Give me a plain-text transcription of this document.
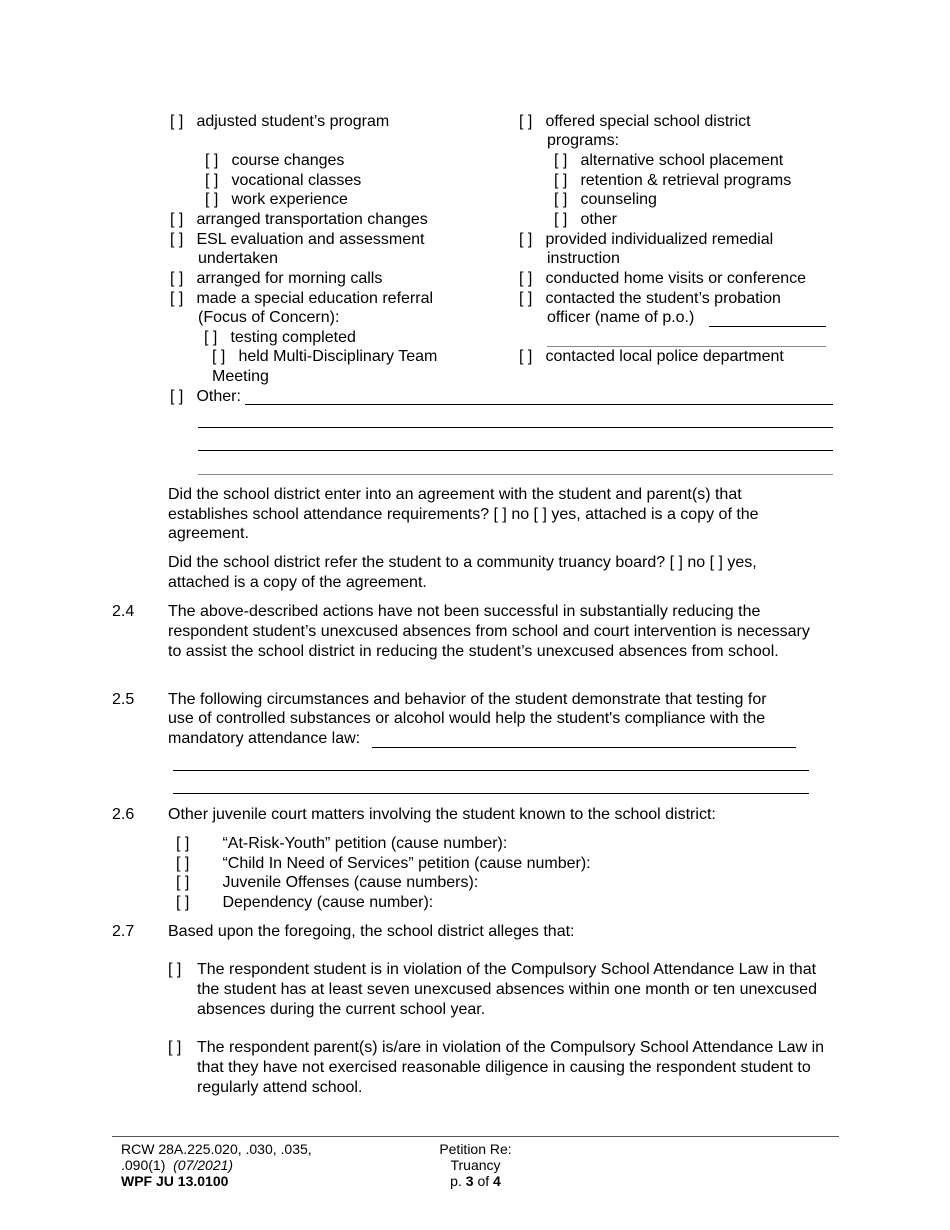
[ ] adjusted student’s program
[ ] course changes
[ ] vocational classes
[ ] work experience
[ ] arranged transportation changes
[ ] ESL evaluation and assessment
undertaken
[ ] arranged for morning calls
[ ] made a special education referral
(Focus of Concern):
[ ] testing completed
[ ] held Multi-Disciplinary Team
Meeting
[ ] Other:
[ ] offered special school district
programs:
[ ] alternative school placement
[ ] retention & retrieval programs
[ ] counseling
[ ] other
[ ] provided individualized remedial
instruction
[ ] conducted home visits or conference
[ ] contacted the student’s probation
officer (name of p.o.)
[ ] contacted local police department
Did the school district enter into an agreement with the student and parent(s) that
establishes school attendance requirements? [ ] no [ ] yes, attached is a copy of the
agreement.
Did the school district refer the student to a community truancy board? [ ] no [ ] yes,
attached is a copy of the agreement.
2.4 The above-described actions have not been successful in substantially reducing the respondent student’s unexcused absences from school and court intervention is necessary to assist the school district in reducing the student’s unexcused absences from school.
2.5 The following circumstances and behavior of the student demonstrate that testing for
use of controlled substances or alcohol would help the student's compliance with the
mandatory attendance law:
2.6 Other juvenile court matters involving the student known to the school district:
[ ] “At-Risk-Youth” petition (cause number):
[ ] “Child In Need of Services” petition (cause number):
[ ] Juvenile Offenses (cause numbers):
[ ] Dependency (cause number):
2.7 Based upon the foregoing, the school district alleges that:
[ ] The respondent student is in violation of the Compulsory School Attendance Law in that the student has at least seven unexcused absences within one month or ten unexcused absences during the current school year.
[ ] The respondent parent(s) is/are in violation of the Compulsory School Attendance Law in that they have not exercised reasonable diligence in causing the respondent student to regularly attend school.
RCW 28A.225.020, .030, .035,
.090(1) (07/2021)
WPF JU 13.0100
Petition Re: Truancy
p. 3 of 4
